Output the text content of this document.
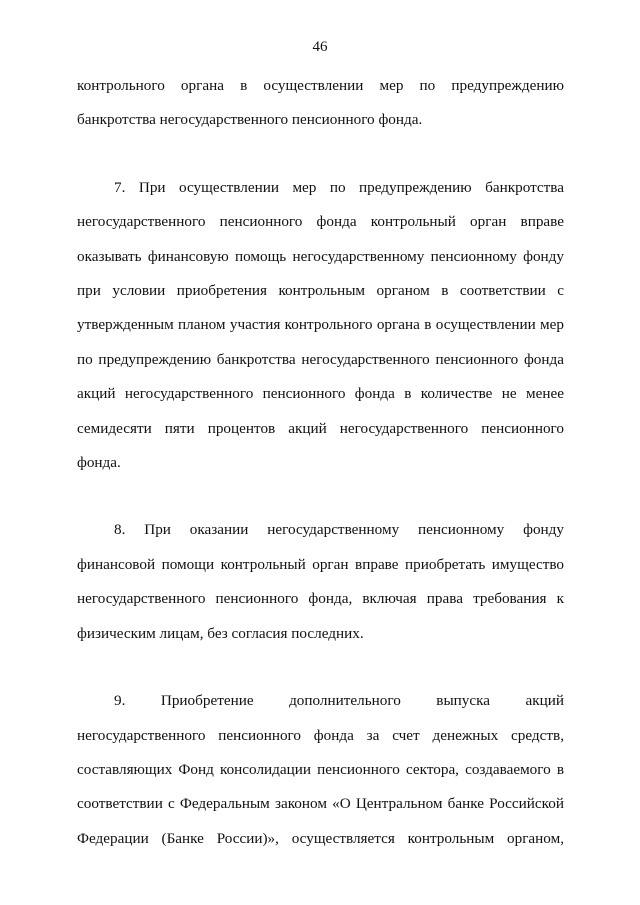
46
контрольного органа в осуществлении мер по предупреждению
банкротства негосударственного пенсионного фонда.
7. При осуществлении мер по предупреждению банкротства
негосударственного пенсионного фонда контрольный орган вправе
оказывать финансовую помощь негосударственному пенсионному фонду
при условии приобретения контрольным органом в соответствии с
утвержденным планом участия контрольного органа в осуществлении мер
по предупреждению банкротства негосударственного пенсионного фонда
акций негосударственного пенсионного фонда в количестве не менее
семидесяти пяти процентов акций негосударственного пенсионного
фонда.
8. При оказании негосударственному пенсионному фонду
финансовой помощи контрольный орган вправе приобретать имущество
негосударственного пенсионного фонда, включая права требования к
физическим лицам, без согласия последних.
9. Приобретение дополнительного выпуска акций
негосударственного пенсионного фонда за счет денежных средств,
составляющих Фонд консолидации пенсионного сектора, создаваемого в
соответствии с Федеральным законом «О Центральном банке Российской
Федерации (Банке России)», осуществляется контрольным органом,
